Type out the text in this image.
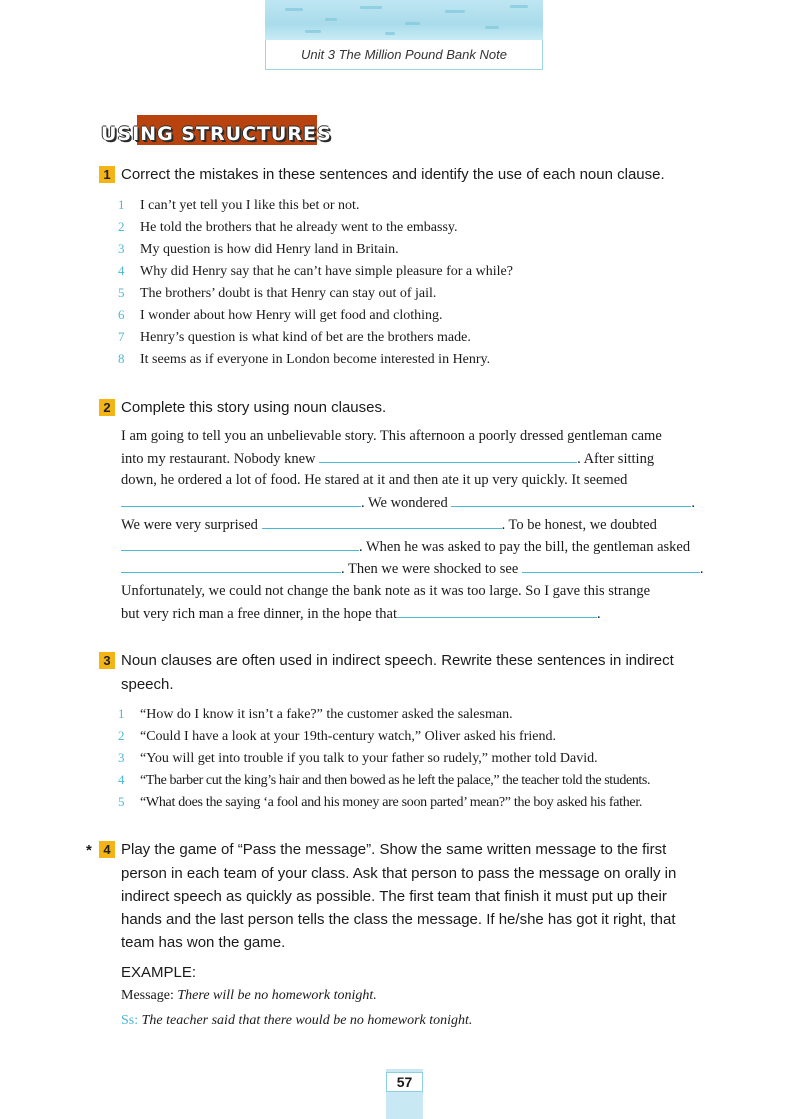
Unit 3 The Million Pound Bank Note
USING STRUCTURES
1 Correct the mistakes in these sentences and identify the use of each noun clause.
1 I can’t yet tell you I like this bet or not.
2 He told the brothers that he already went to the embassy.
3 My question is how did Henry land in Britain.
4 Why did Henry say that he can’t have simple pleasure for a while?
5 The brothers’ doubt is that Henry can stay out of jail.
6 I wonder about how Henry will get food and clothing.
7 Henry’s question is what kind of bet are the brothers made.
8 It seems as if everyone in London become interested in Henry.
2 Complete this story using noun clauses.
I am going to tell you an unbelievable story. This afternoon a poorly dressed gentleman came
into my restaurant. Nobody knew	. After sitting
down, he ordered a lot of food. He stared at it and then ate it up very quickly. It seemed
. We wondered	.
We were very surprised	. To be honest, we doubted
. When he was asked to pay the bill, the gentleman asked
. Then we were shocked to see	.
Unfortunately, we could not change the bank note as it was too large. So I gave this strange
but very rich man a free dinner, in the hope that	.
3 Noun clauses are often used in indirect speech. Rewrite these sentences in indirect
speech.
1 “How do I know it isn’t a fake?” the customer asked the salesman.
2 “Could I have a look at your 19th-century watch,” Oliver asked his friend.
3 “You will get into trouble if you talk to your father so rudely,” mother told David.
4 “The barber cut the king’s hair and then bowed as he left the palace,” the teacher told the students.
5 “What does the saying ‘a fool and his money are soon parted’ mean?” the boy asked his father.
* 4 Play the game of “Pass the message”. Show the same written message to the first
person in each team of your class. Ask that person to pass the message on orally in
indirect speech as quickly as possible. The first team that finish it must put up their
hands and the last person tells the class the message. If he/she has got it right, that
team has won the game.
EXAMPLE:
Message: There will be no homework tonight.
Ss: The teacher said that there would be no homework tonight.
57
